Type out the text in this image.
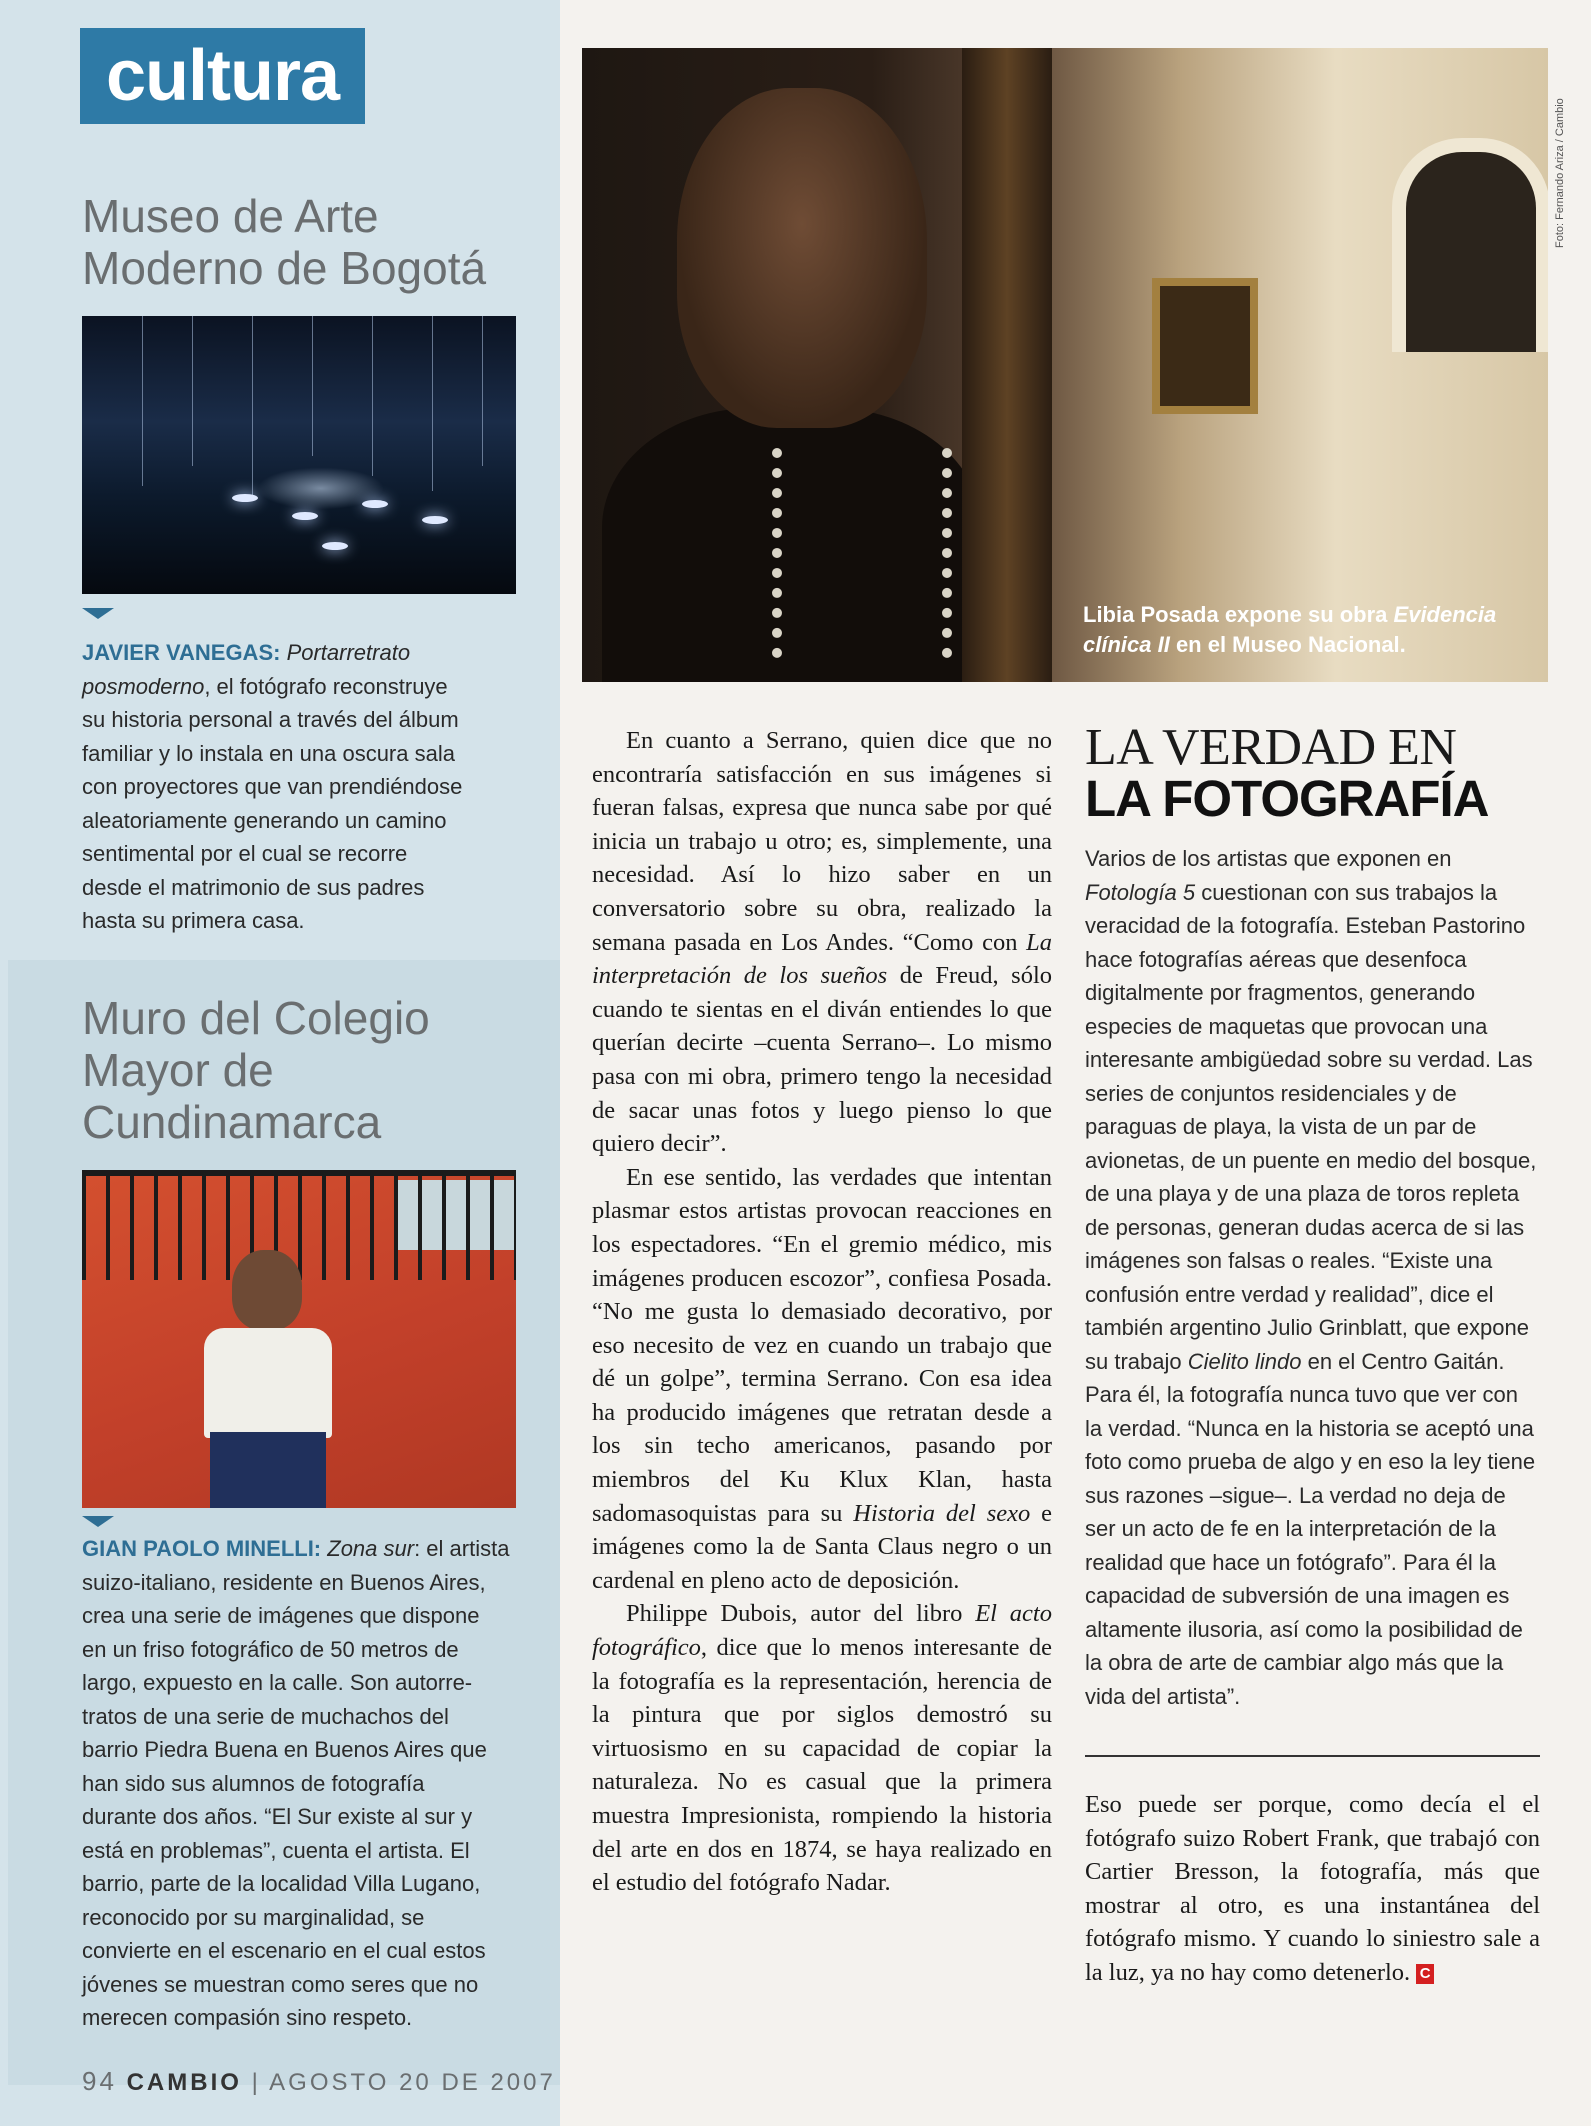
cultura
Museo de Arte
Moderno de Bogotá
JAVIER VANEGAS: Portarretrato
posmoderno, el fotógrafo reconstruye
su historia personal a través del álbum
familiar y lo instala en una oscura sala
con proyectores que van prendiéndose
aleatoriamente generando un camino
sentimental por el cual se recorre
desde el matrimonio de sus padres
hasta su primera casa.
Muro del Colegio
Mayor de
Cundinamarca
GIAN PAOLO MINELLI: Zona sur: el artista
suizo-italiano, residente en Buenos Aires,
crea una serie de imágenes que dispone
en un friso fotográfico de 50 metros de
largo, expuesto en la calle. Son autorre-
tratos de una serie de muchachos del
barrio Piedra Buena en Buenos Aires que
han sido sus alumnos de fotografía
durante dos años. “El Sur existe al sur y
está en problemas”, cuenta el artista. El
barrio, parte de la localidad Villa Lugano,
reconocido por su marginalidad, se
convierte en el escenario en el cual estos
jóvenes se muestran como seres que no
merecen compasión sino respeto.
94 CAMBIO | AGOSTO 20 DE 2007
Libia Posada expone su obra Evidencia clínica II en el Museo Nacional.
Foto: Fernando Ariza / Cambio

En cuanto a Serrano, quien dice que no encontraría satisfacción en sus imágenes si fueran falsas, expresa que nunca sabe por qué inicia un trabajo u otro; es, simplemente, una necesidad. Así lo hizo saber en un conversatorio sobre su obra, realizado la semana pasada en Los Andes. “Como con La interpretación de los sueños de Freud, sólo cuando te sientas en el diván entiendes lo que querían decirte –cuenta Serrano–. Lo mismo pasa con mi obra, primero tengo la necesidad de sacar unas fotos y luego pienso lo que quiero decir”.

En ese sentido, las verdades que intentan plasmar estos artistas provocan reacciones en los espectadores. “En el gremio médico, mis imágenes producen escozor”, confiesa Posada. “No me gusta lo demasiado decorativo, por eso necesito de vez en cuando un trabajo que dé un golpe”, termina Serrano. Con esa idea ha producido imágenes que retratan desde a los sin techo americanos, pasando por miembros del Ku Klux Klan, hasta sadomasoquistas para su Historia del sexo e imágenes como la de Santa Claus negro o un cardenal en pleno acto de deposición.

Philippe Dubois, autor del libro El acto fotográfico, dice que lo menos interesante de la fotografía es la representación, herencia de la pintura que por siglos demostró su virtuosismo en su capacidad de copiar la naturaleza. No es casual que la primera muestra Impresionista, rompiendo la historia del arte en dos en 1874, se haya realizado en el estudio del fotógrafo Nadar.

LA VERDAD EN
LA FOTOGRAFÍA
Varios de los artistas que exponen en Fotología 5 cuestionan con sus trabajos la veracidad de la fotografía. Esteban Pastorino hace fotografías aéreas que desenfoca digitalmente por fragmentos, generando especies de maquetas que provocan una interesante ambigüedad sobre su verdad. Las series de conjuntos residenciales y de paraguas de playa, la vista de un par de avionetas, de un puente en medio del bosque, de una playa y de una plaza de toros repleta de personas, generan dudas acerca de si las imágenes son falsas o reales. “Existe una confusión entre verdad y realidad”, dice el también argentino Julio Grinblatt, que expone su trabajo Cielito lindo en el Centro Gaitán. Para él, la fotografía nunca tuvo que ver con la verdad. “Nunca en la historia se aceptó una foto como prueba de algo y en eso la ley tiene sus razones –sigue–. La verdad no deja de ser un acto de fe en la interpretación de la realidad que hace un fotógrafo”. Para él la capacidad de subversión de una imagen es altamente ilusoria, así como la posibilidad de la obra de arte de cambiar algo más que la vida del artista”.
Eso puede ser porque, como decía el el fotógrafo suizo Robert Frank, que trabajó con Cartier Bresson, la fotografía, más que mostrar al otro, es una instantánea del fotógrafo mismo. Y cuando lo siniestro sale a la luz, ya no hay como detenerlo. C
